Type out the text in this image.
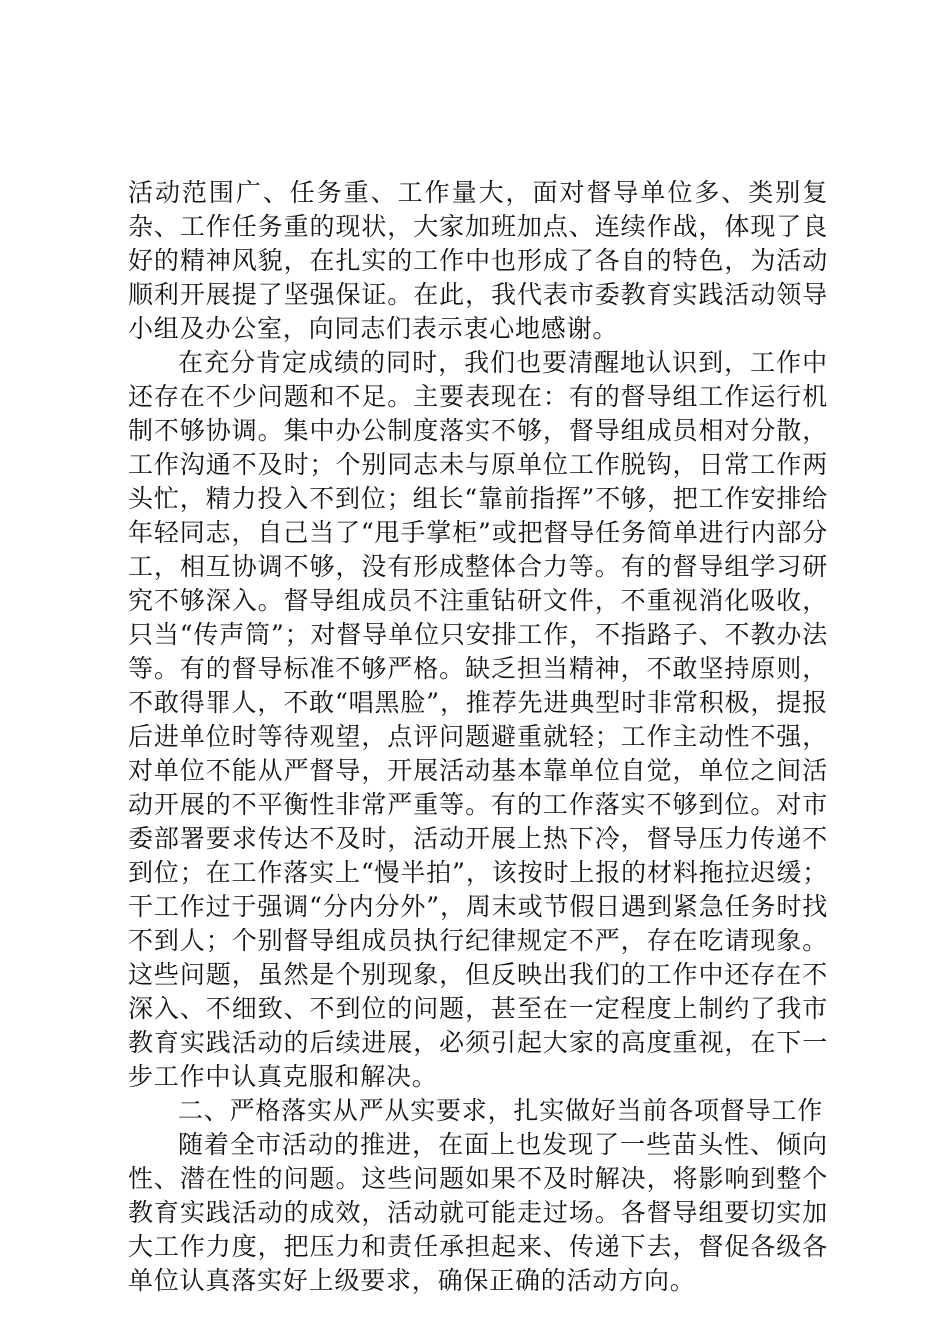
活动范围广、任务重、工作量大，面对督导单位多、类别复杂、工作任务重的现状，大家加班加点、连续作战，体现了良好的精神风貌，在扎实的工作中也形成了各自的特色，为活动顺利开展提了坚强保证。在此，我代表市委教育实践活动领导小组及办公室，向同志们表示衷心地感谢。

在充分肯定成绩的同时，我们也要清醒地认识到，工作中还存在不少问题和不足。主要表现在：有的督导组工作运行机制不够协调。集中办公制度落实不够，督导组成员相对分散，工作沟通不及时；个别同志未与原单位工作脱钩，日常工作两头忙，精力投入不到位；组长“靠前指挥”不够，把工作安排给年轻同志，自己当了“甩手掌柜”或把督导任务简单进行内部分工，相互协调不够，没有形成整体合力等。有的督导组学习研究不够深入。督导组成员不注重钻研文件，不重视消化吸收，只当“传声筒”；对督导单位只安排工作，不指路子、不教办法等。有的督导标准不够严格。缺乏担当精神，不敢坚持原则，不敢得罪人，不敢“唱黑脸”，推荐先进典型时非常积极，提报后进单位时等待观望，点评问题避重就轻；工作主动性不强，对单位不能从严督导，开展活动基本靠单位自觉，单位之间活动开展的不平衡性非常严重等。有的工作落实不够到位。对市委部署要求传达不及时，活动开展上热下冷，督导压力传递不到位；在工作落实上“慢半拍”，该按时上报的材料拖拉迟缓；干工作过于强调“分内分外”，周末或节假日遇到紧急任务时找不到人；个别督导组成员执行纪律规定不严，存在吃请现象。这些问题，虽然是个别现象，但反映出我们的工作中还存在不深入、不细致、不到位的问题，甚至在一定程度上制约了我市教育实践活动的后续进展，必须引起大家的高度重视，在下一步工作中认真克服和解决。

二、严格落实从严从实要求，扎实做好当前各项督导工作

随着全市活动的推进，在面上也发现了一些苗头性、倾向性、潜在性的问题。这些问题如果不及时解决，将影响到整个教育实践活动的成效，活动就可能走过场。各督导组要切实加大工作力度，把压力和责任承担起来、传递下去，督促各级各单位认真落实好上级要求，确保正确的活动方向。
